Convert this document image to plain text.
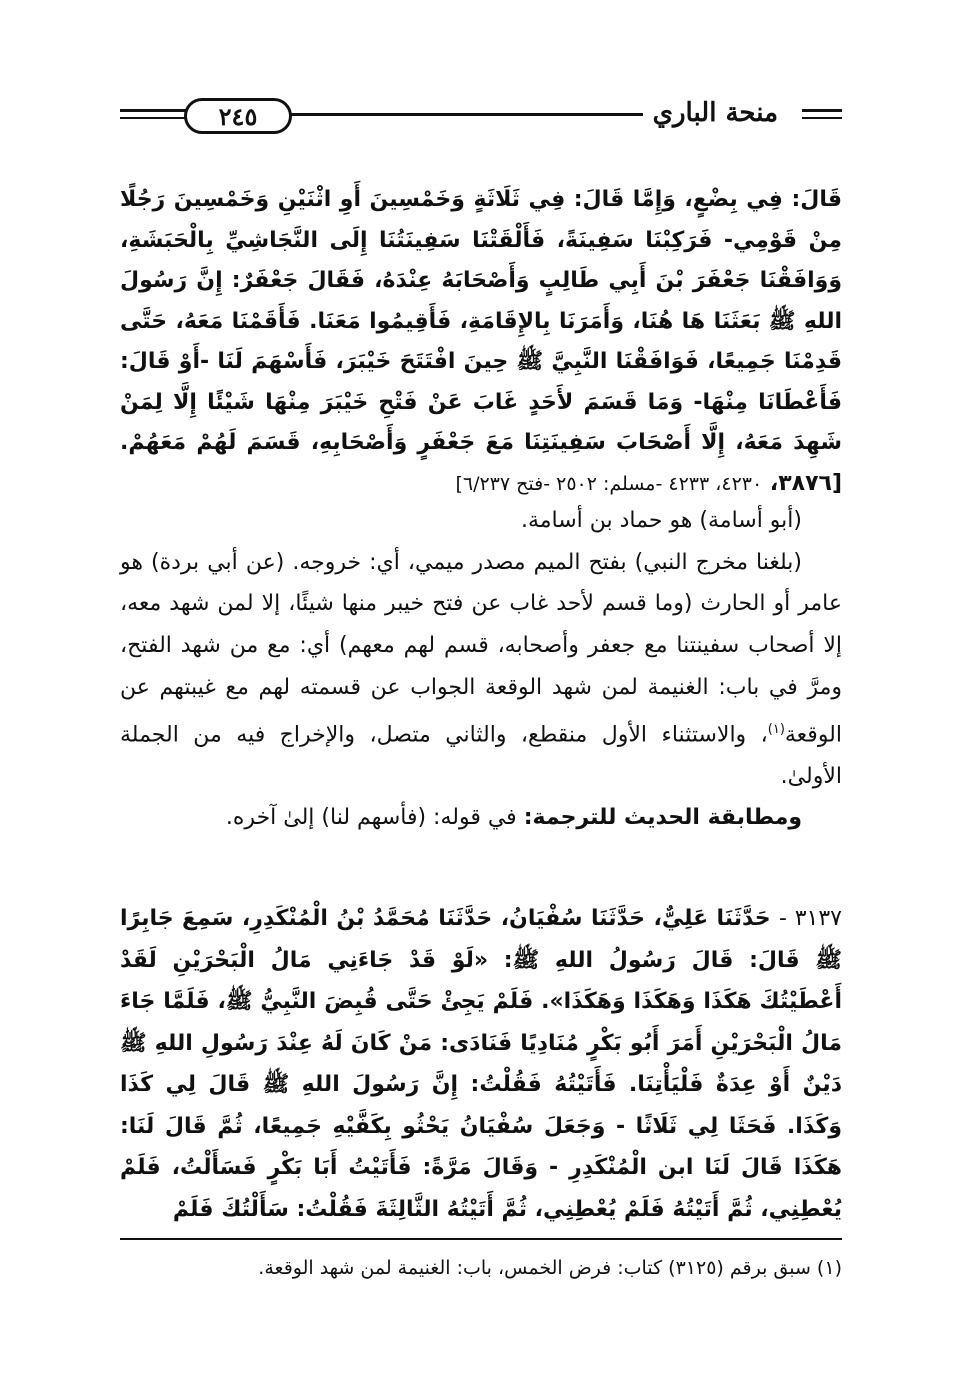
٢٤٥	منحة الباري
قَالَ: فِي بِضْعٍ، وَإِمَّا قَالَ: فِي ثَلَاثَةٍ وَخَمْسِينَ أَوِ اثْنَيْنِ وَخَمْسِينَ رَجُلًا مِنْ قَوْمِي- فَرَكِبْنَا سَفِينَةً، فَأَلْقَتْنَا سَفِينَتُنَا إِلَى النَّجَاشِيِّ بِالْحَبَشَةِ، وَوَافَقْنَا جَعْفَرَ بْنَ أَبِي طَالِبٍ وَأَصْحَابَهُ عِنْدَهُ، فَقَالَ جَعْفَرٌ: إِنَّ رَسُولَ اللهِ ﷺ بَعَثَنَا هَا هُنَا، وَأَمَرَنَا بِالإِقَامَةِ، فَأَقِيمُوا مَعَنَا. فَأَقَمْنَا مَعَهُ، حَتَّى قَدِمْنَا جَمِيعًا، فَوَافَقْنَا النَّبِيَّ ﷺ حِينَ افْتَتَحَ خَيْبَرَ، فَأَسْهَمَ لَنَا -أَوْ قَالَ: فَأَعْطَانَا مِنْهَا- وَمَا قَسَمَ لأَحَدٍ غَابَ عَنْ فَتْحِ خَيْبَرَ مِنْهَا شَيْئًا إِلَّا لِمَنْ شَهِدَ مَعَهُ، إِلَّا أَصْحَابَ سَفِينَتِنَا مَعَ جَعْفَرٍ وَأَصْحَابِهِ، قَسَمَ لَهُمْ مَعَهُمْ. [٣٨٧٦، ٤٢٣٠، ٤٢٣٣ -مسلم: ٢٥٠٢ -فتح ٦/٢٣٧]

(أبو أسامة) هو حماد بن أسامة.

(بلغنا مخرج النبي) بفتح الميم مصدر ميمي، أي: خروجه. (عن أبي بردة) هو عامر أو الحارث (وما قسم لأحد غاب عن فتح خيبر منها شيئًا، إلا لمن شهد معه، إلا أصحاب سفينتنا مع جعفر وأصحابه، قسم لهم معهم) أي: مع من شهد الفتح، ومرَّ في باب: الغنيمة لمن شهد الوقعة الجواب عن قسمته لهم مع غيبتهم عن الوقعة$^{(١)}$، والاستثناء الأول منقطع، والثاني متصل، والإخراج فيه من الجملة الأولىٰ.

ومطابقة الحديث للترجمة: في قوله: (فأسهم لنا) إلىٰ آخره.

٣١٣٧ - حَدَّثَنَا عَلِيٌّ، حَدَّثَنَا سُفْيَانُ، حَدَّثَنَا مُحَمَّدُ بْنُ الْمُنْكَدِرِ، سَمِعَ جَابِرًا ﷺ قَالَ: قَالَ رَسُولُ اللهِ ﷺ: «لَوْ قَدْ جَاءَنِي مَالُ الْبَحْرَيْنِ لَقَدْ أَعْطَيْتُكَ هَكَذَا وَهَكَذَا وَهَكَذَا». فَلَمْ يَجِئْ حَتَّى قُبِضَ النَّبِيُّ ﷺ، فَلَمَّا جَاءَ مَالُ الْبَحْرَيْنِ أَمَرَ أَبُو بَكْرٍ مُنَادِيًا فَنَادَى: مَنْ كَانَ لَهُ عِنْدَ رَسُولِ اللهِ ﷺ دَيْنٌ أَوْ عِدَةٌ فَلْيَأْتِنَا. فَأَتَيْتُهُ فَقُلْتُ: إِنَّ رَسُولَ اللهِ ﷺ قَالَ لِي كَذَا وَكَذَا. فَحَثَا لِي ثَلَاثًا - وَجَعَلَ سُفْيَانُ يَحْثُو بِكَفَّيْهِ جَمِيعًا، ثُمَّ قَالَ لَنَا: هَكَذَا قَالَ لَنَا ابن الْمُنْكَدِرِ - وَقَالَ مَرَّةً: فَأَتَيْتُ أَبَا بَكْرٍ فَسَأَلْتُ، فَلَمْ يُعْطِنِي، ثُمَّ أَتَيْتُهُ فَلَمْ يُعْطِنِي، ثُمَّ أَتَيْتُهُ الثَّالِثَةَ فَقُلْتُ: سَأَلْتُكَ فَلَمْ
(١) سبق برقم (٣١٢٥) كتاب: فرض الخمس، باب: الغنيمة لمن شهد الوقعة.
